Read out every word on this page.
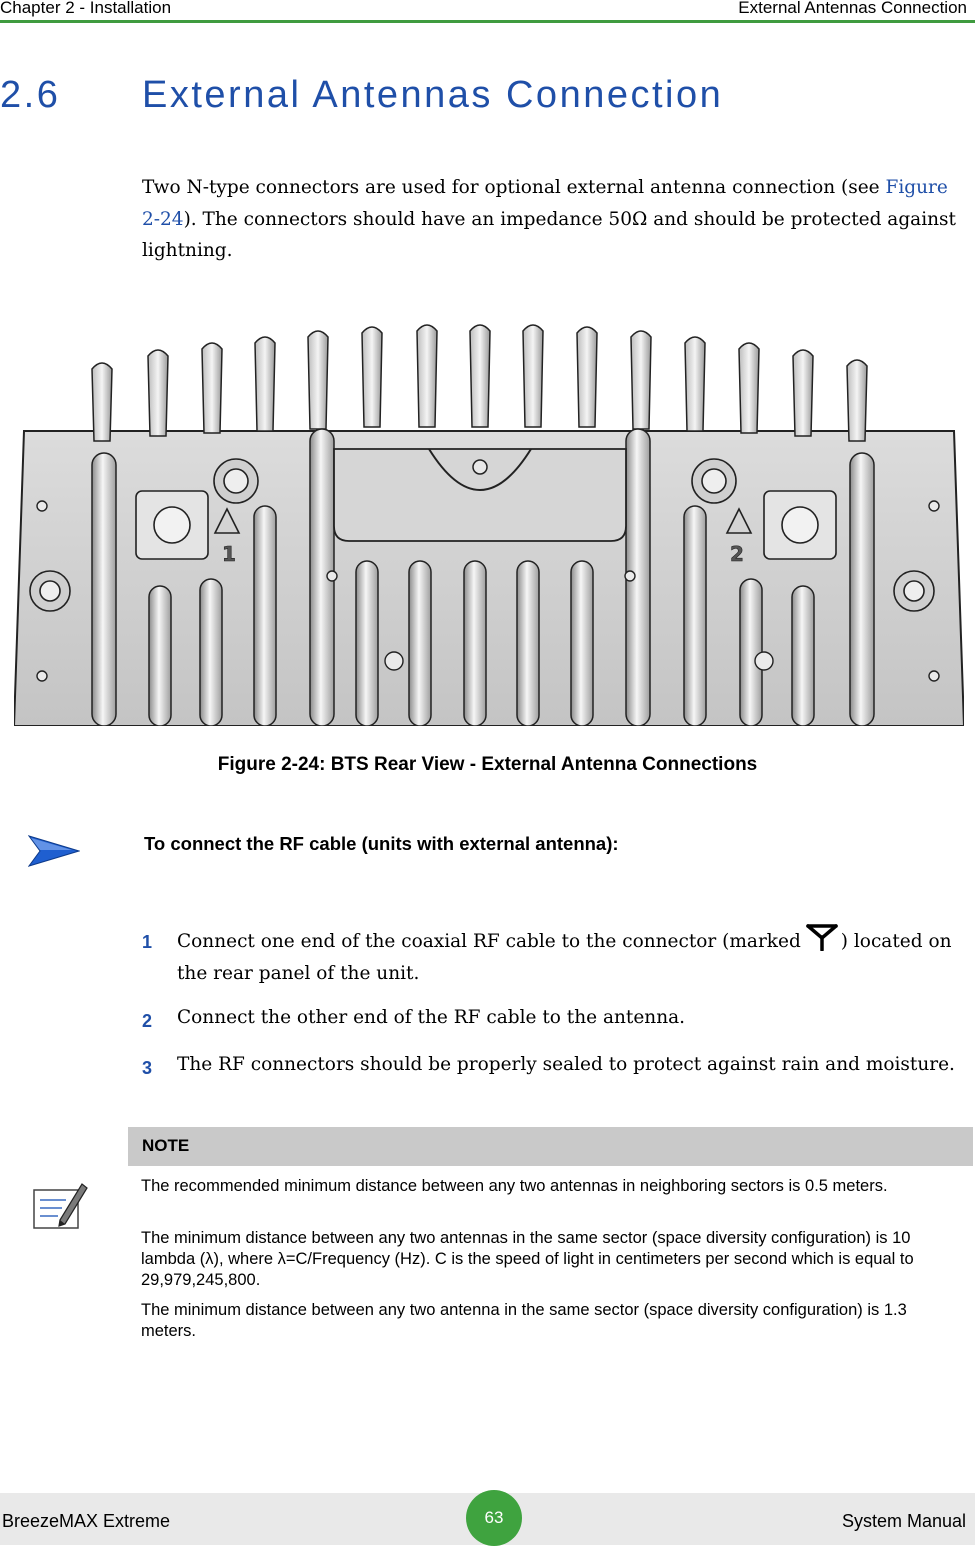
Chapter 2 - Installation	External Antennas Connection
2.6 External Antennas Connection
Two N-type connectors are used for optional external antenna connection (see Figure 2-24). The connectors should have an impedance 50Ω and should be protected against lightning.
1	2
Figure 2-24: BTS Rear View - External Antenna Connections
To connect the RF cable (units with external antenna):
1 Connect one end of the coaxial RF cable to the connector (marked ) located on the rear panel of the unit.
2 Connect the other end of the RF cable to the antenna.
3 The RF connectors should be properly sealed to protect against rain and moisture.
NOTE
The recommended minimum distance between any two antennas in neighboring sectors is 0.5 meters.
The minimum distance between any two antennas in the same sector (space diversity configuration) is 10 lambda (λ), where λ=C/Frequency (Hz). C is the speed of light in centimeters per second which is equal to 29,979,245,800.
The minimum distance between any two antenna in the same sector (space diversity configuration) is 1.3 meters.
BreezeMAX Extreme	63	System Manual
